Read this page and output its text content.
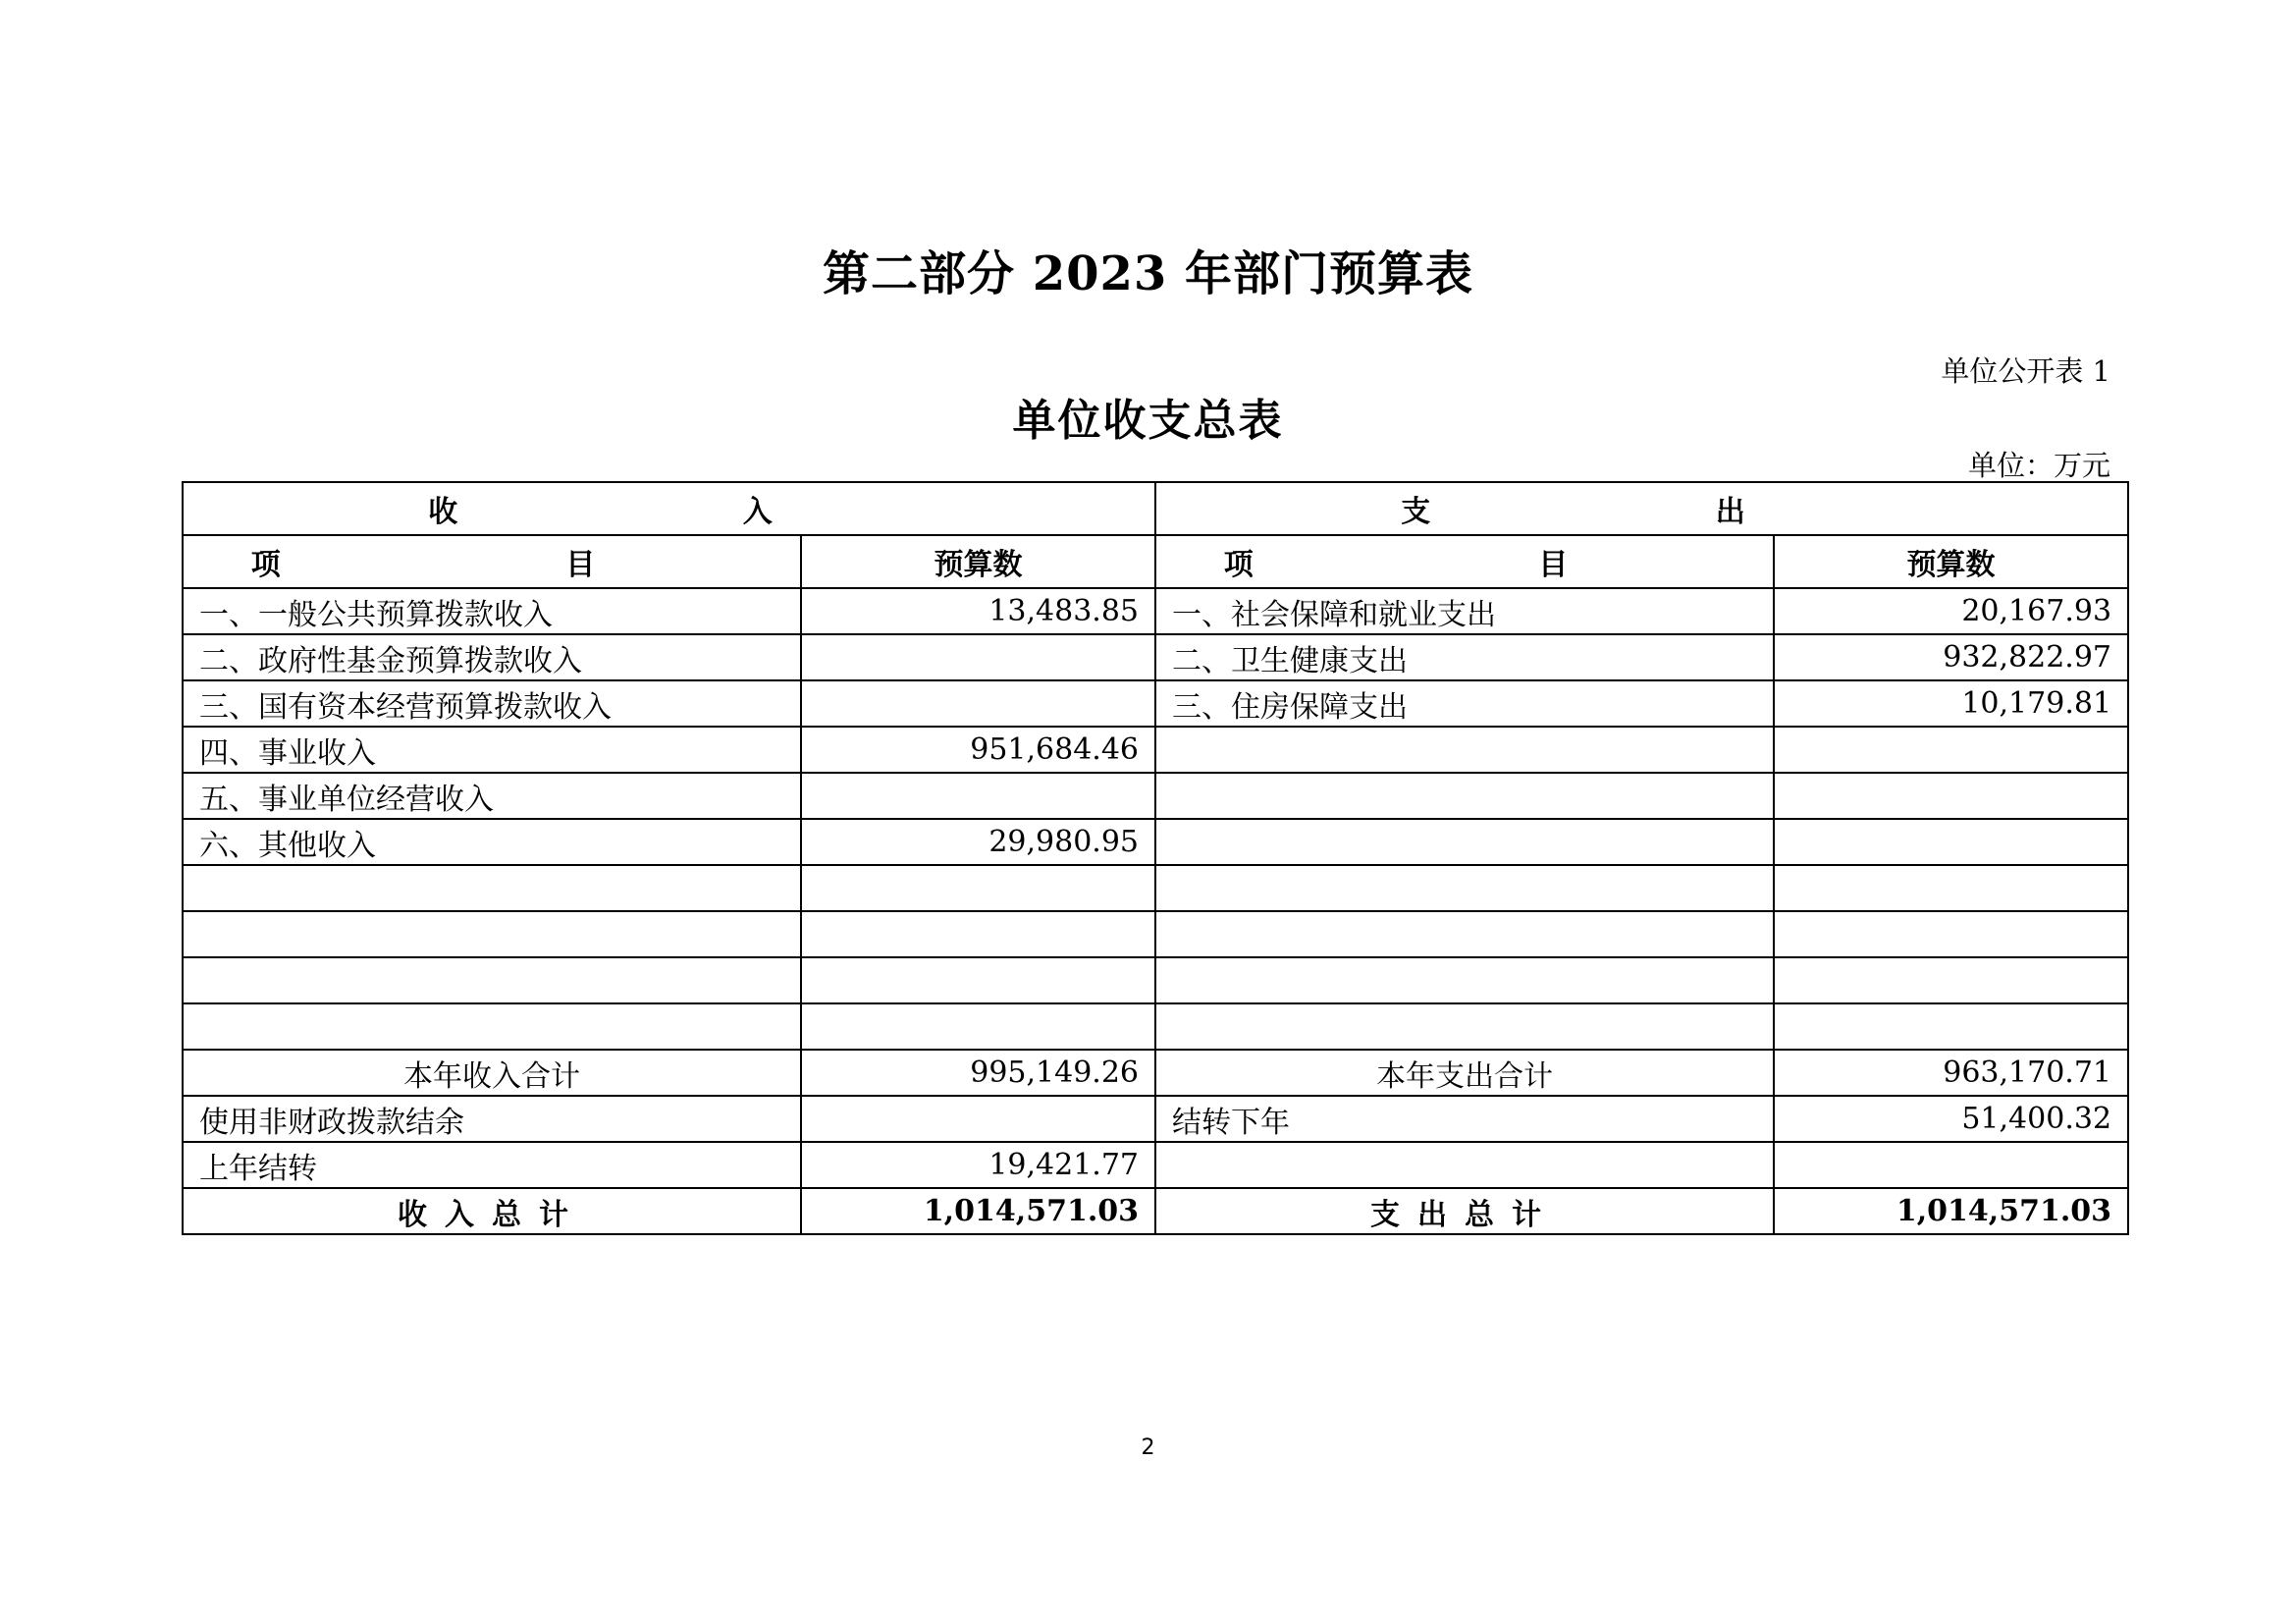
第二部分 2023 年部门预算表
单位公开表 1
单位收支总表
单位：万元
收 入		支 出	
项 目	预算数	项 目	预算数
一、一般公共预算拨款收入	13,483.85	一、社会保障和就业支出	20,167.93
二、政府性基金预算拨款收入		二、卫生健康支出	932,822.97
三、国有资本经营预算拨款收入		三、住房保障支出	10,179.81
四、事业收入	951,684.46		
五、事业单位经营收入			
六、其他收入	29,980.95		

本年收入合计	995,149.26	本年支出合计	963,170.71
使用非财政拨款结余		结转下年	51,400.32
上年结转	19,421.77		
收入总计	1,014,571.03	支出总计	1,014,571.03
2
